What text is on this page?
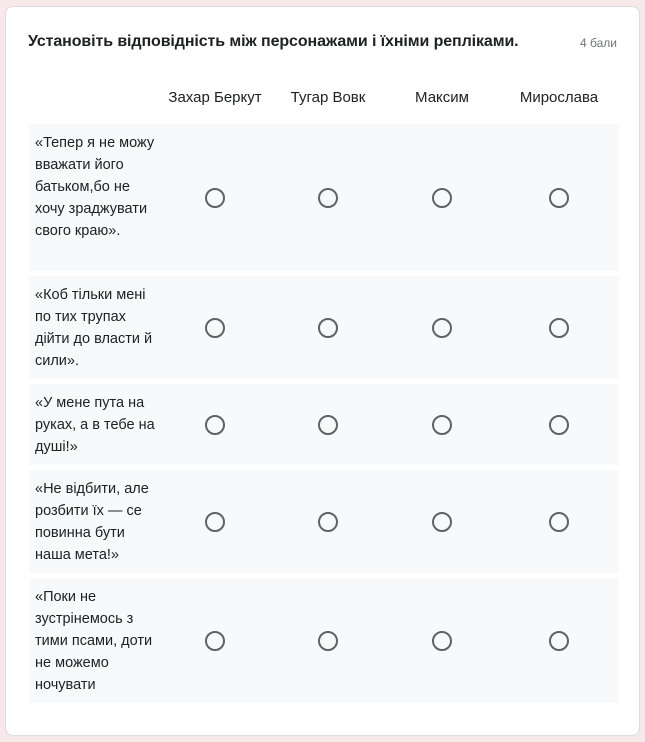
Установіть відповідність між персонажами і їхніми репліками.	4 бали
Захар Беркут	Тугар Вовк	Максим	Мирослава
«Тепер я не можу вважати його батьком,бо не хочу зраджувати свого краю».
«Коб тільки мені по тих трупах дійти до власти й сили».
«У мене пута на руках, а в тебе на душі!»
«Не відбити, але розбити їх — се повинна бути наша мета!»
«Поки не зустрінемось з тими псами, доти не можемо ночувати
